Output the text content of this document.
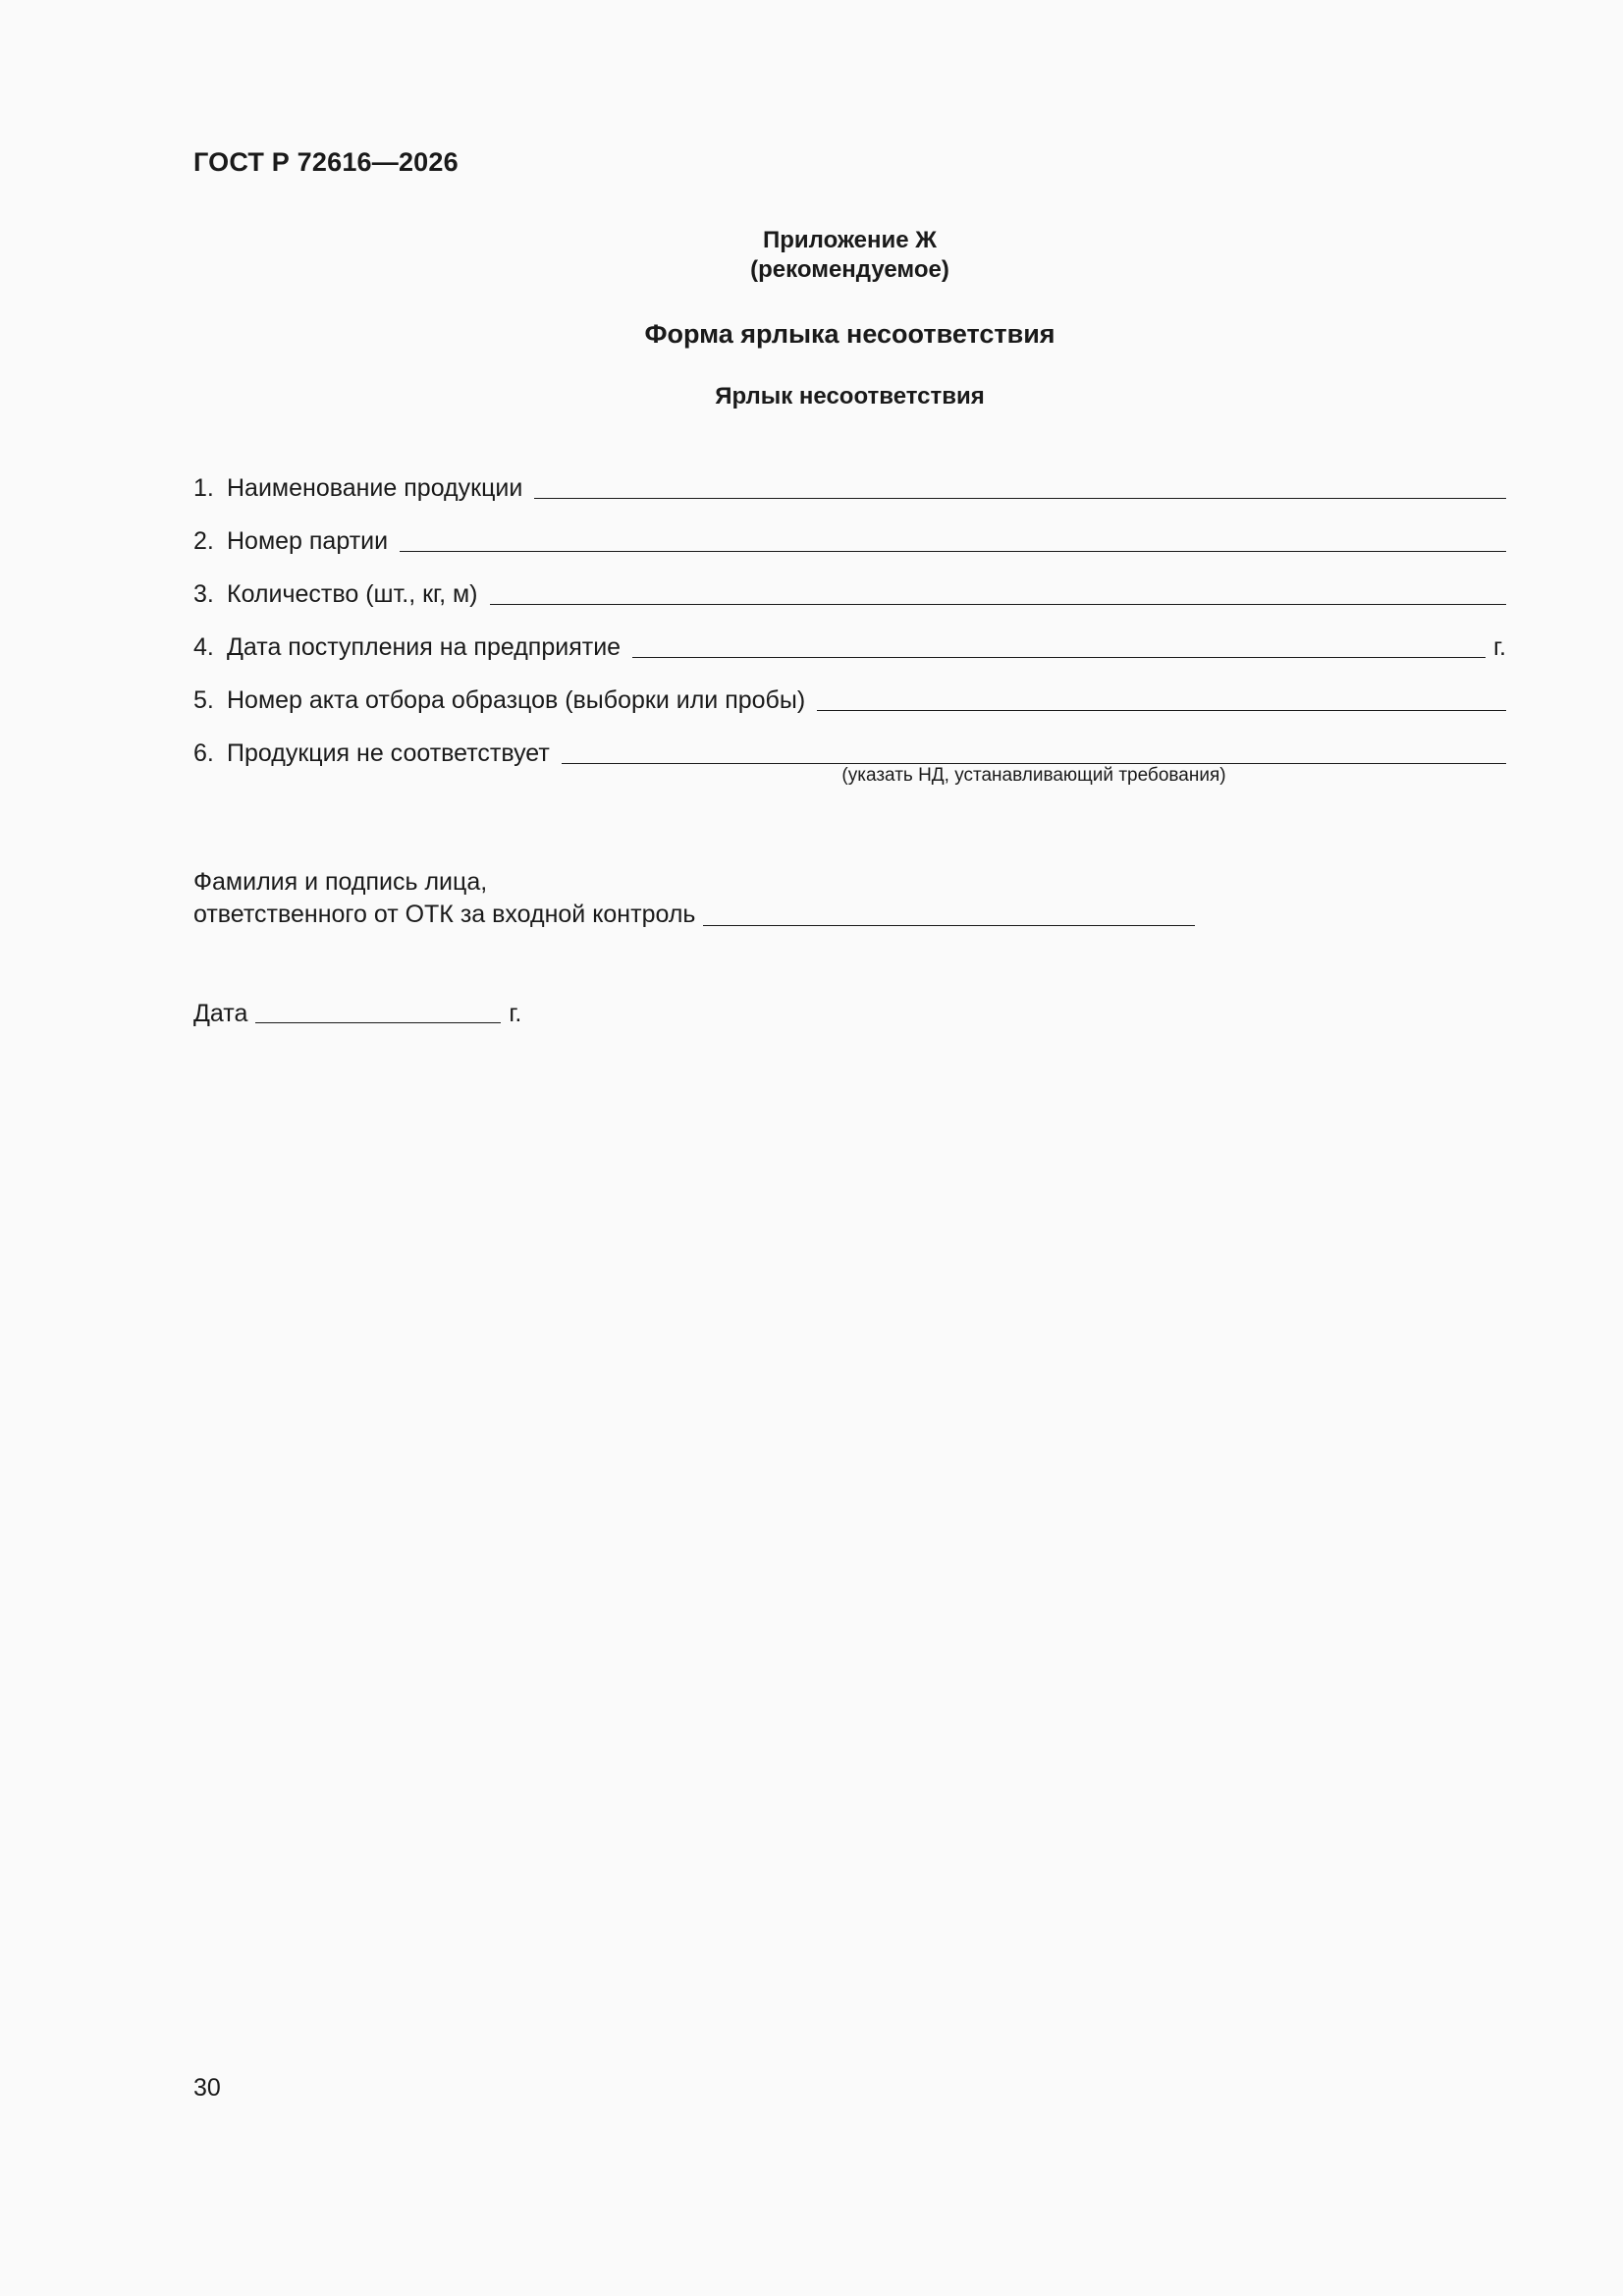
ГОСТ Р 72616—2026
Приложение Ж
(рекомендуемое)
Форма ярлыка несоответствия
Ярлык несоответствия
1. Наименование продукции
2. Номер партии
3. Количество (шт., кг, м)
4. Дата поступления на предприятие	г.
5. Номер акта отбора образцов (выборки или пробы)
6. Продукция не соответствует
(указать НД, устанавливающий требования)
Фамилия и подпись лица,
ответственного от ОТК за входной контроль
Дата	г.
30
